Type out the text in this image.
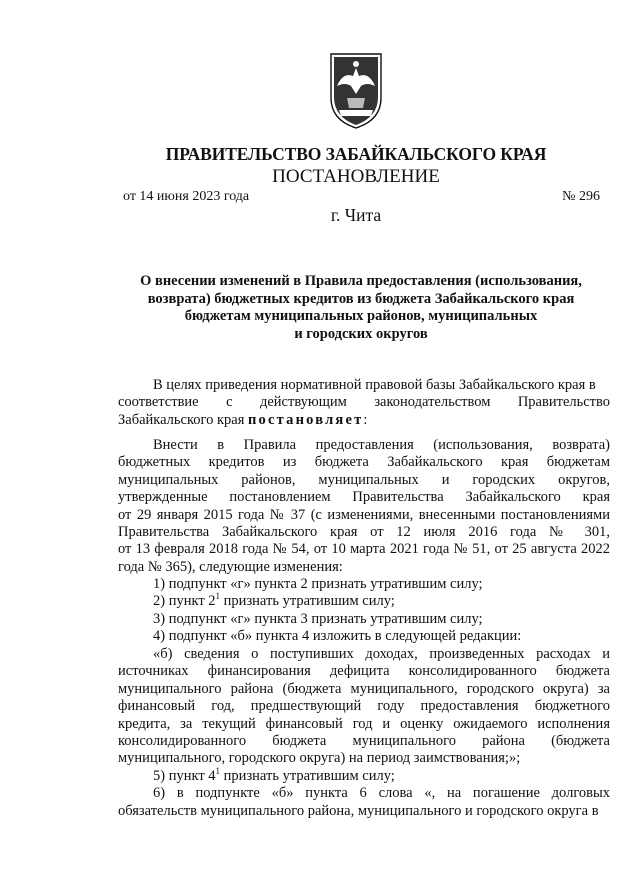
ПРАВИТЕЛЬСТВО ЗАБАЙКАЛЬСКОГО КРАЯ
ПОСТАНОВЛЕНИЕ
от 14 июня 2023 года	№ 296
г. Чита
О внесении изменений в Правила предоставления (использования,
возврата) бюджетных кредитов из бюджета Забайкальского края
бюджетам муниципальных районов, муниципальных
и городских округов
В целях приведения нормативной правовой базы Забайкальского края в
соответствие с действующим законодательством Правительство
Забайкальского края постановляет:
Внести в Правила предоставления (использования, возврата)
бюджетных кредитов из бюджета Забайкальского края бюджетам
муниципальных районов, муниципальных и городских округов,
утвержденные постановлением Правительства Забайкальского края
от 29 января 2015 года № 37 (с изменениями, внесенными постановлениями
Правительства Забайкальского края от 12 июля 2016 года № 301,
от 13 февраля 2018 года № 54, от 10 марта 2021 года № 51, от 25 августа 2022
года № 365), следующие изменения:
1) подпункт «г» пункта 2 признать утратившим силу;
2) пункт $2^1$ признать утратившим силу;
3) подпункт «г» пункта 3 признать утратившим силу;
4) подпункт «б» пункта 4 изложить в следующей редакции:
«б) сведения о поступивших доходах, произведенных расходах и
источниках финансирования дефицита консолидированного бюджета
муниципального района (бюджета муниципального, городского округа) за
финансовый год, предшествующий году предоставления бюджетного
кредита, за текущий финансовый год и оценку ожидаемого исполнения
консолидированного бюджета муниципального района (бюджета
муниципального, городского округа) на период заимствования;»;
5) пункт $4^1$ признать утратившим силу;
6) в подпункте «б» пункта 6 слова «, на погашение долговых
обязательств муниципального района, муниципального и городского округа в
